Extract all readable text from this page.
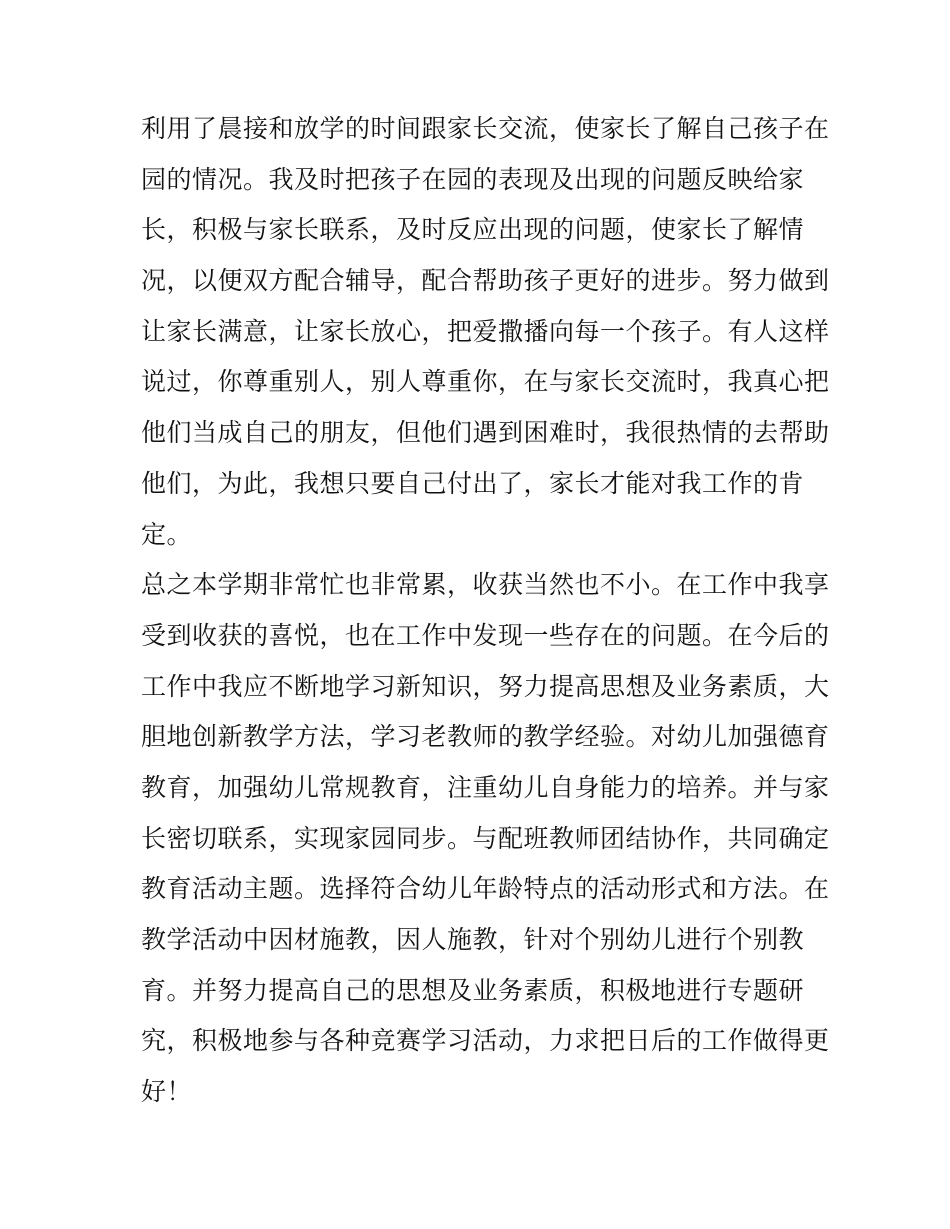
利用了晨接和放学的时间跟家长交流，使家长了解自己孩子在
园的情况。我及时把孩子在园的表现及出现的问题反映给家
长，积极与家长联系，及时反应出现的问题，使家长了解情
况，以便双方配合辅导，配合帮助孩子更好的进步。努力做到
让家长满意，让家长放心，把爱撒播向每一个孩子。有人这样
说过，你尊重别人，别人尊重你，在与家长交流时，我真心把
他们当成自己的朋友，但他们遇到困难时，我很热情的去帮助
他们，为此，我想只要自己付出了，家长才能对我工作的肯
定。
总之本学期非常忙也非常累，收获当然也不小。在工作中我享
受到收获的喜悦，也在工作中发现一些存在的问题。在今后的
工作中我应不断地学习新知识，努力提高思想及业务素质，大
胆地创新教学方法，学习老教师的教学经验。对幼儿加强德育
教育，加强幼儿常规教育，注重幼儿自身能力的培养。并与家
长密切联系，实现家园同步。与配班教师团结协作，共同确定
教育活动主题。选择符合幼儿年龄特点的活动形式和方法。在
教学活动中因材施教，因人施教，针对个别幼儿进行个别教
育。并努力提高自己的思想及业务素质，积极地进行专题研
究，积极地参与各种竞赛学习活动，力求把日后的工作做得更
好！
